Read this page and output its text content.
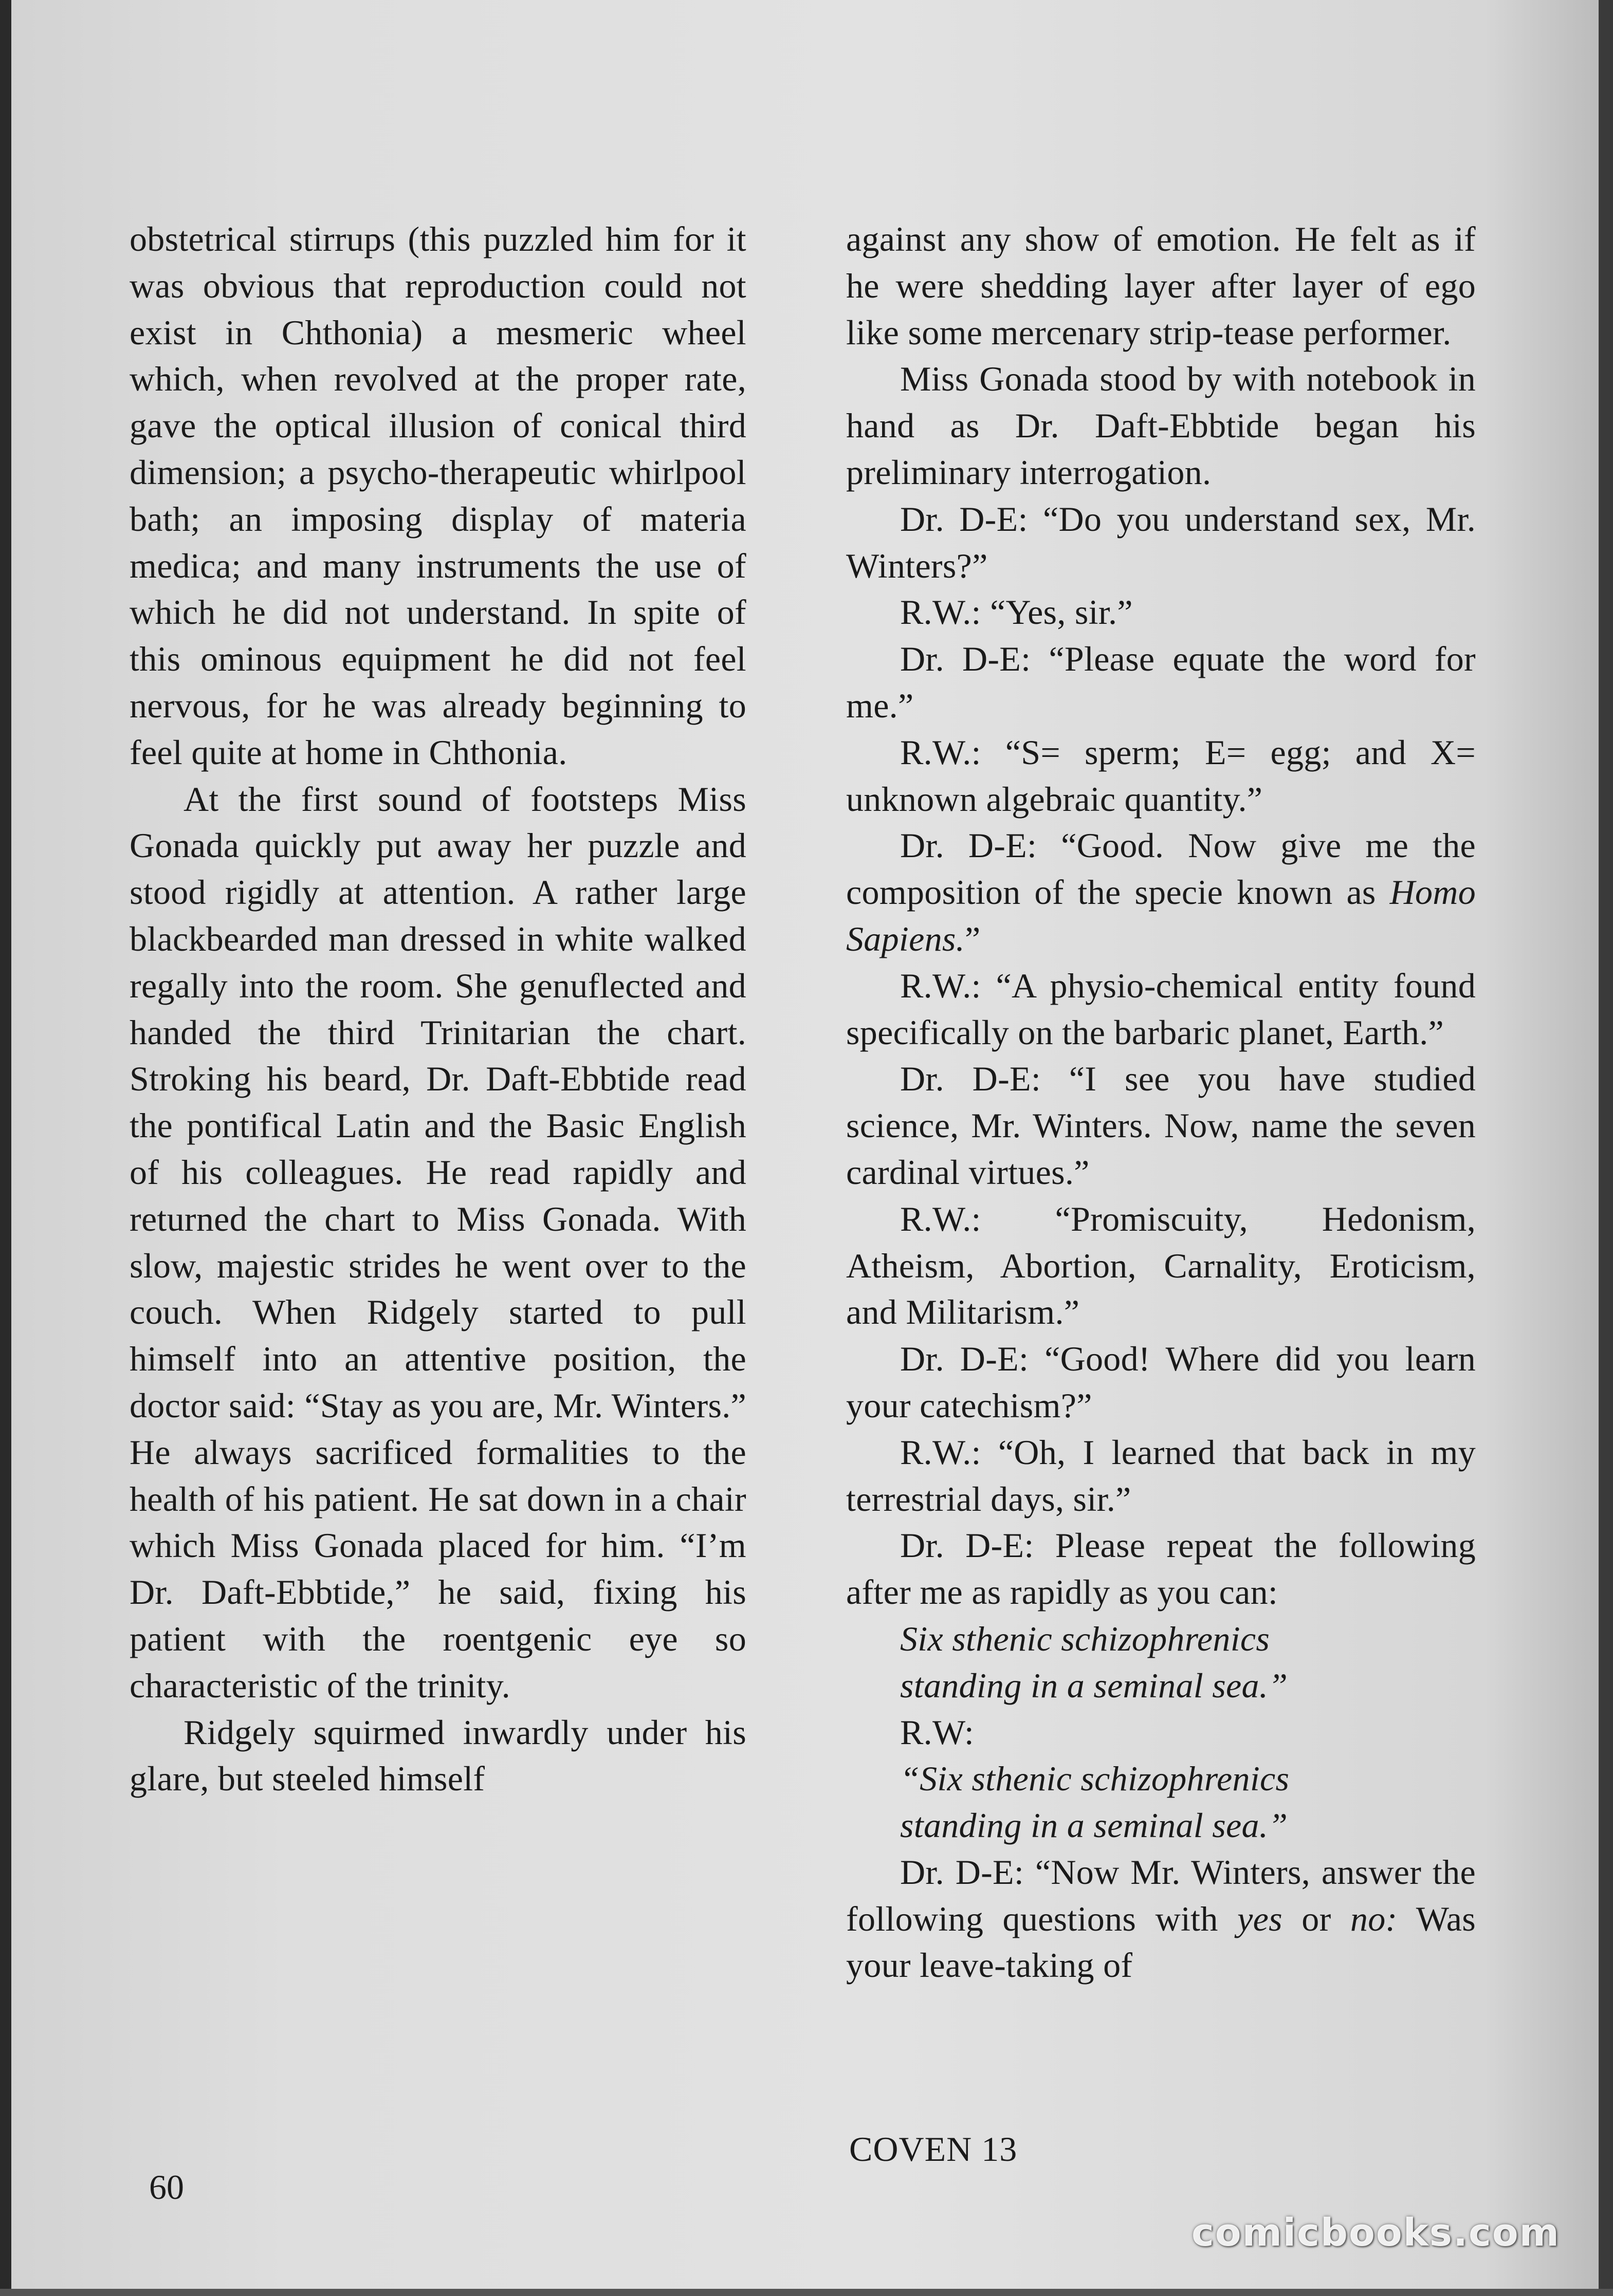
obstetrical stirrups (this puzzled him for it was obvious that reproduction could not exist in Chthonia) a mesmeric wheel which, when revolved at the proper rate, gave the optical illusion of conical third dimension; a psycho-therapeutic whirlpool bath; an imposing display of materia medica; and many instruments the use of which he did not understand. In spite of this ominous equipment he did not feel nervous, for he was already beginning to feel quite at home in Chthonia.

At the first sound of footsteps Miss Gonada quickly put away her puzzle and stood rigidly at attention. A rather large blackbearded man dressed in white walked regally into the room. She genuflected and handed the third Trinitarian the chart. Stroking his beard, Dr. Daft-Ebbtide read the pontifical Latin and the Basic English of his colleagues. He read rapidly and returned the chart to Miss Gonada. With slow, majestic strides he went over to the couch. When Ridgely started to pull himself into an attentive position, the doctor said: “Stay as you are, Mr. Winters.” He always sacrificed formalities to the health of his patient. He sat down in a chair which Miss Gonada placed for him. “I’m Dr. Daft-Ebbtide,” he said, fixing his patient with the roentgenic eye so characteristic of the trinity.

Ridgely squirmed inwardly under his glare, but steeled himself

against any show of emotion. He felt as if he were shedding layer after layer of ego like some mercenary strip-tease performer.

Miss Gonada stood by with notebook in hand as Dr. Daft-Ebbtide began his preliminary interrogation.

Dr. D-E: “Do you understand sex, Mr. Winters?”

R.W.: “Yes, sir.”

Dr. D-E: “Please equate the word for me.”

R.W.: “S= sperm; E= egg; and X= unknown algebraic quantity.”

Dr. D-E: “Good. Now give me the composition of the specie known as Homo Sapiens.”

R.W.: “A physio-chemical entity found specifically on the barbaric planet, Earth.”

Dr. D-E: “I see you have studied science, Mr. Winters. Now, name the seven cardinal virtues.”

R.W.: “Promiscuity, Hedonism, Atheism, Abortion, Carnality, Eroticism, and Militarism.”

Dr. D-E: “Good! Where did you learn your catechism?”

R.W.: “Oh, I learned that back in my terrestrial days, sir.”

Dr. D-E: Please repeat the following after me as rapidly as you can:

Six sthenic schizophrenics

standing in a seminal sea.”

R.W:

“Six sthenic schizophrenics

standing in a seminal sea.”

Dr. D-E: “Now Mr. Winters, answer the following questions with yes or no: Was your leave-taking of

COVEN 13
60
comicbooks.com
